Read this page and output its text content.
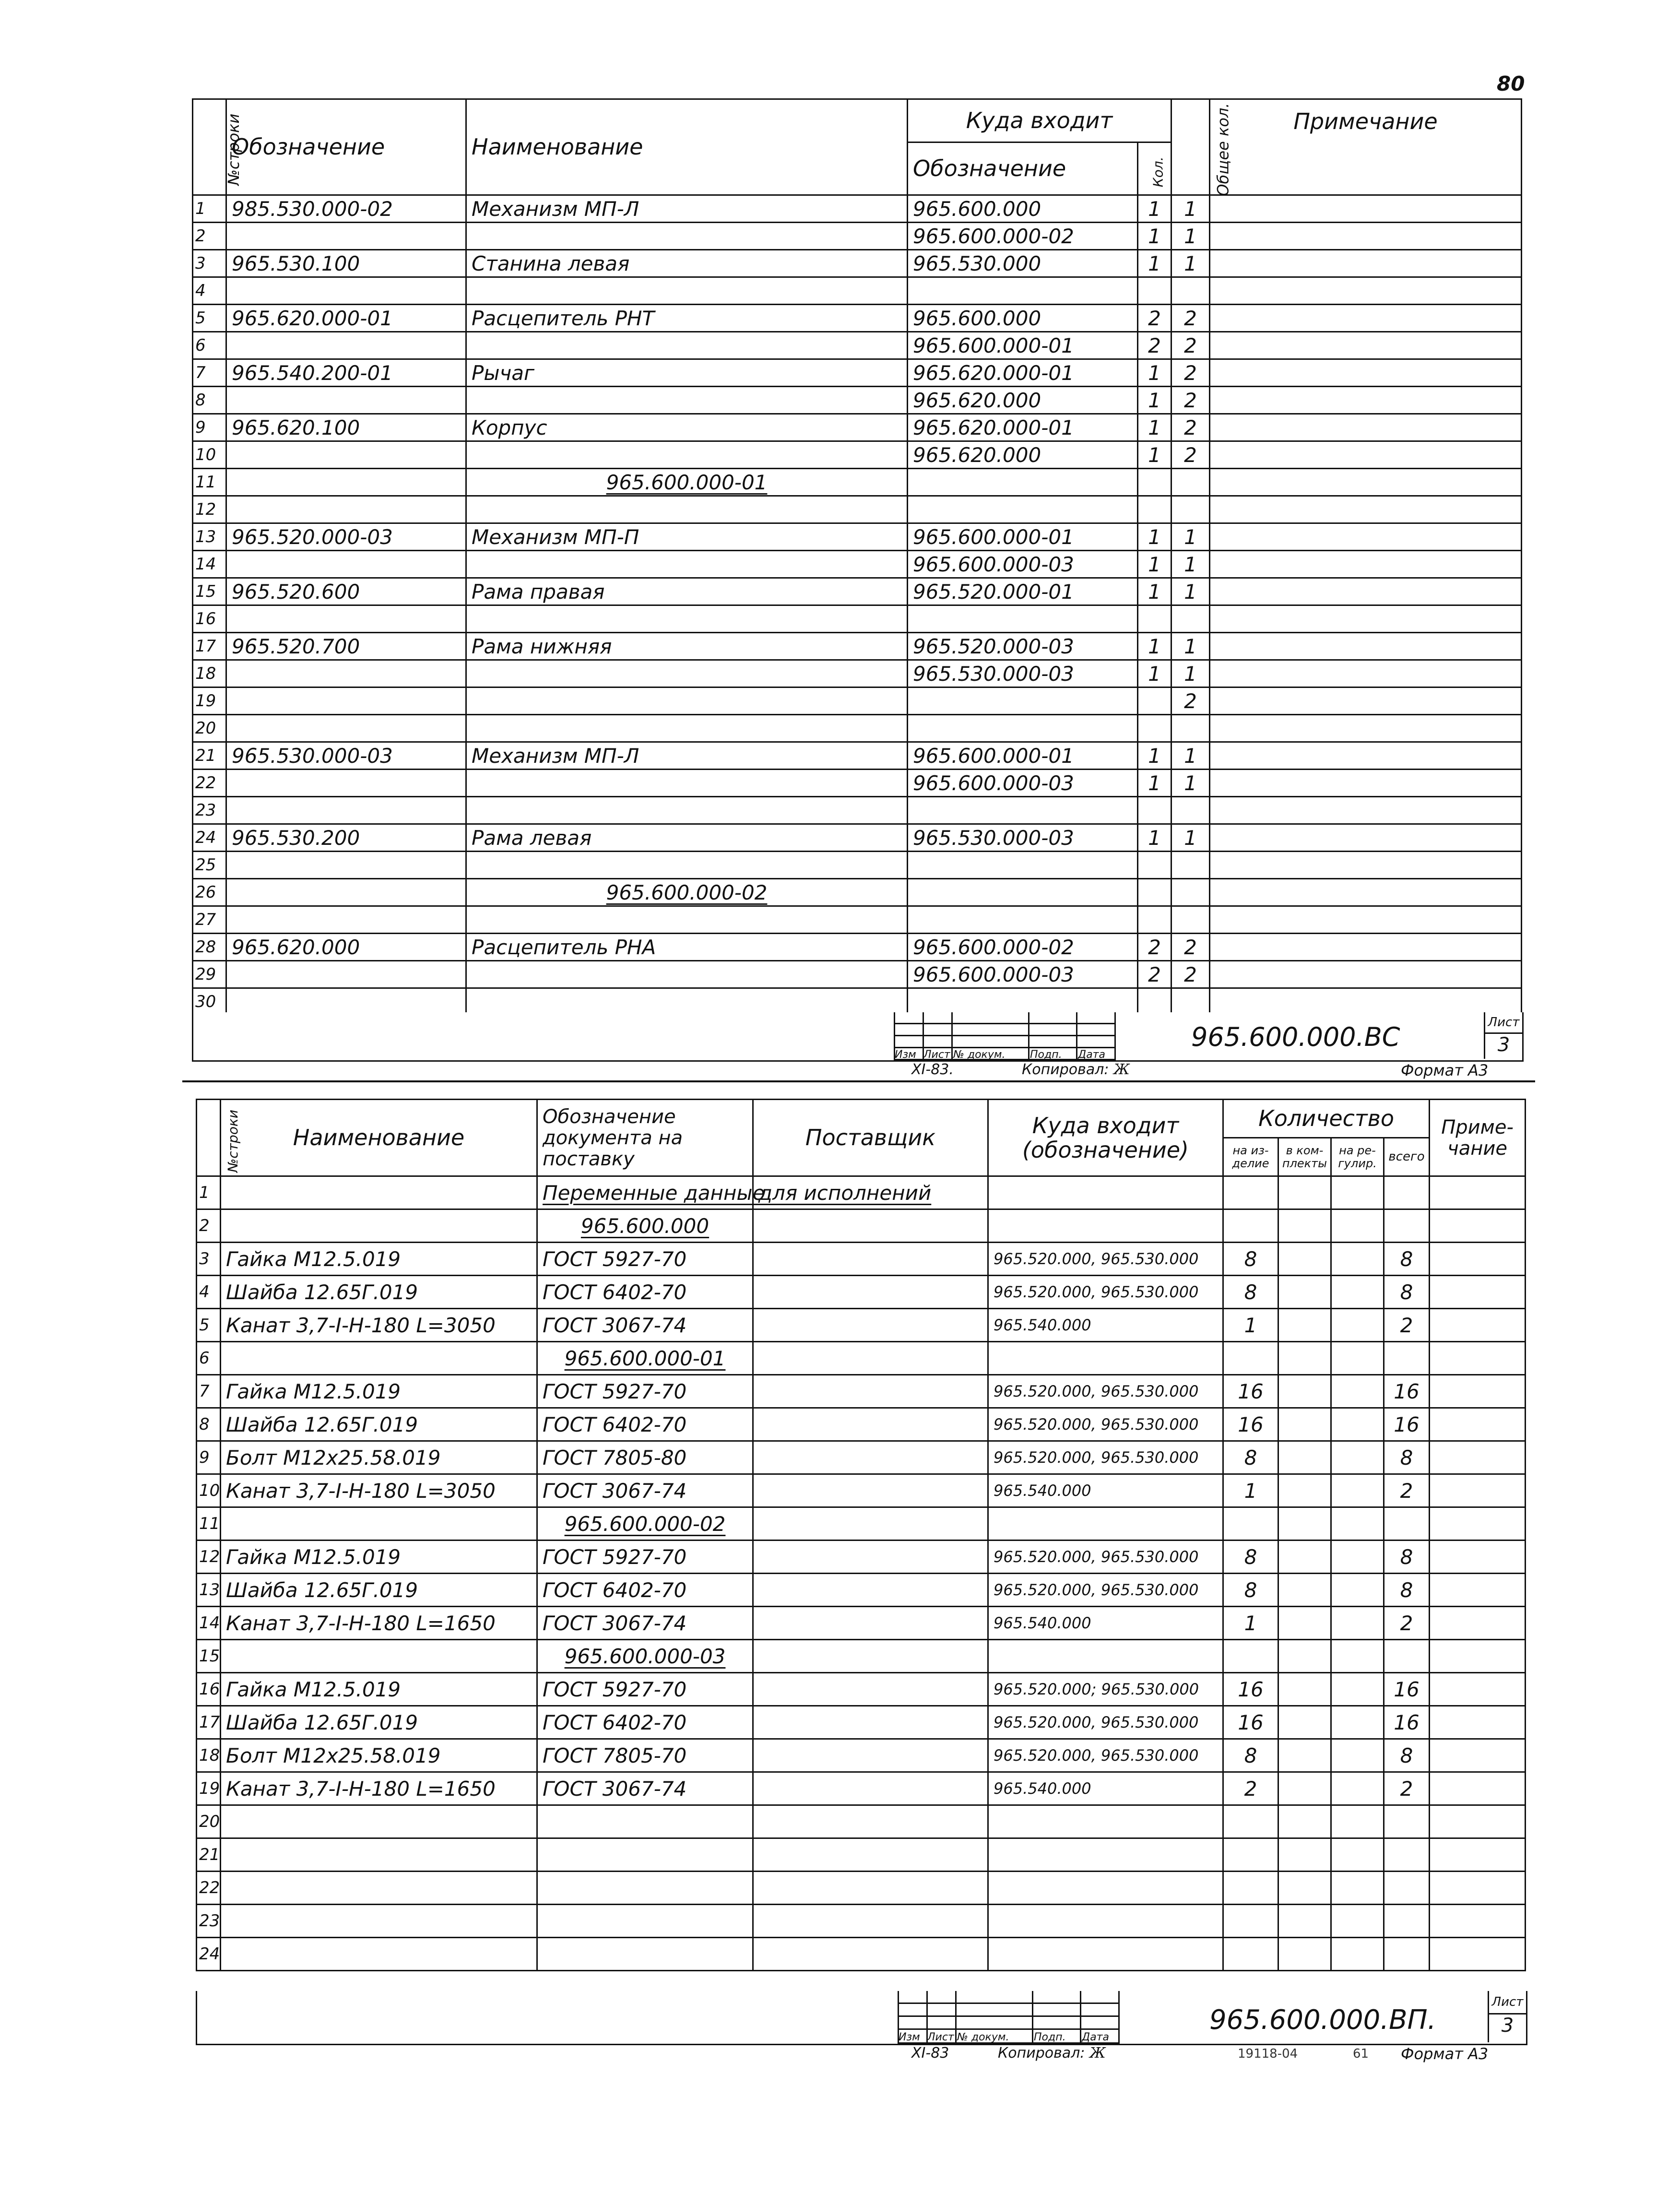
80
№строки	Обозначение	Наименование	Куда входит		Общее кол.	Примечание
			Обозначение	Кол.		
1	985.530.000-02	Механизм МП-Л	965.600.000	1	1	
2			965.600.000-02	1	1	
3	965.530.100	Станина левая	965.530.000	1	1	
4						
5	965.620.000-01	Расцепитель РНТ	965.600.000	2	2	
6			965.600.000-01	2	2	
7	965.540.200-01	Рычаг	965.620.000-01	1	2	
8			965.620.000	1	2	
9	965.620.100	Корпус	965.620.000-01	1	2	
10			965.620.000	1	2	
11		965.600.000-01				
12						
13	965.520.000-03	Механизм МП-П	965.600.000-01	1	1	
14			965.600.000-03	1	1	
15	965.520.600	Рама правая	965.520.000-01	1	1	
16						
17	965.520.700	Рама нижняя	965.520.000-03	1	1	
18			965.530.000-03	1	1	
19					2	
20						
21	965.530.000-03	Механизм МП-Л	965.600.000-01	1	1	
22			965.600.000-03	1	1	
23						
24	965.530.200	Рама левая	965.530.000-03	1	1	
25						
26		965.600.000-02				
27						
28	965.620.000	Расцепитель РНА	965.600.000-02	2	2	
29			965.600.000-03	2	2	
30						

Изм Лист № докум. Подп. Дата
965.600.000.ВС	Лист
3
XI-83.	Копировал: Ж	Формат А3
№строки	Наименование	Обозначение документа на поставку	Поставщик	Куда входит (обозначение)	Количество				Приме-чание
					на из-делие	в ком-плекты	на ре-гулир.	всего	
1		Переменные данные	для исполнений						
2		965.600.000							
3	Гайка М12.5.019	ГОСТ 5927-70		965.520.000, 965.530.000	8			8	
4	Шайба 12.65Г.019	ГОСТ 6402-70		965.520.000, 965.530.000	8			8	
5	Канат 3,7-I-Н-180 L=3050	ГОСТ 3067-74		965.540.000	1			2	
6		965.600.000-01							
7	Гайка М12.5.019	ГОСТ 5927-70		965.520.000, 965.530.000	16			16	
8	Шайба 12.65Г.019	ГОСТ 6402-70		965.520.000, 965.530.000	16			16	
9	Болт М12х25.58.019	ГОСТ 7805-80		965.520.000, 965.530.000	8			8	
10	Канат 3,7-I-Н-180 L=3050	ГОСТ 3067-74		965.540.000	1			2	
11		965.600.000-02							
12	Гайка М12.5.019	ГОСТ 5927-70		965.520.000, 965.530.000	8			8	
13	Шайба 12.65Г.019	ГОСТ 6402-70		965.520.000, 965.530.000	8			8	
14	Канат 3,7-I-Н-180 L=1650	ГОСТ 3067-74		965.540.000	1			2	
15		965.600.000-03							
16	Гайка М12.5.019	ГОСТ 5927-70		965.520.000; 965.530.000	16			16	
17	Шайба 12.65Г.019	ГОСТ 6402-70		965.520.000, 965.530.000	16			16	
18	Болт М12х25.58.019	ГОСТ 7805-70		965.520.000, 965.530.000	8			8	
19	Канат 3,7-I-Н-180 L=1650	ГОСТ 3067-74		965.540.000	2			2	
20									
21									
22									
23									
24									
Изм Лист № докум. Подп. Дата
965.600.000.ВП.
Лист
3
XI-83	Копировал: Ж	19118-04	61 Формат А3
